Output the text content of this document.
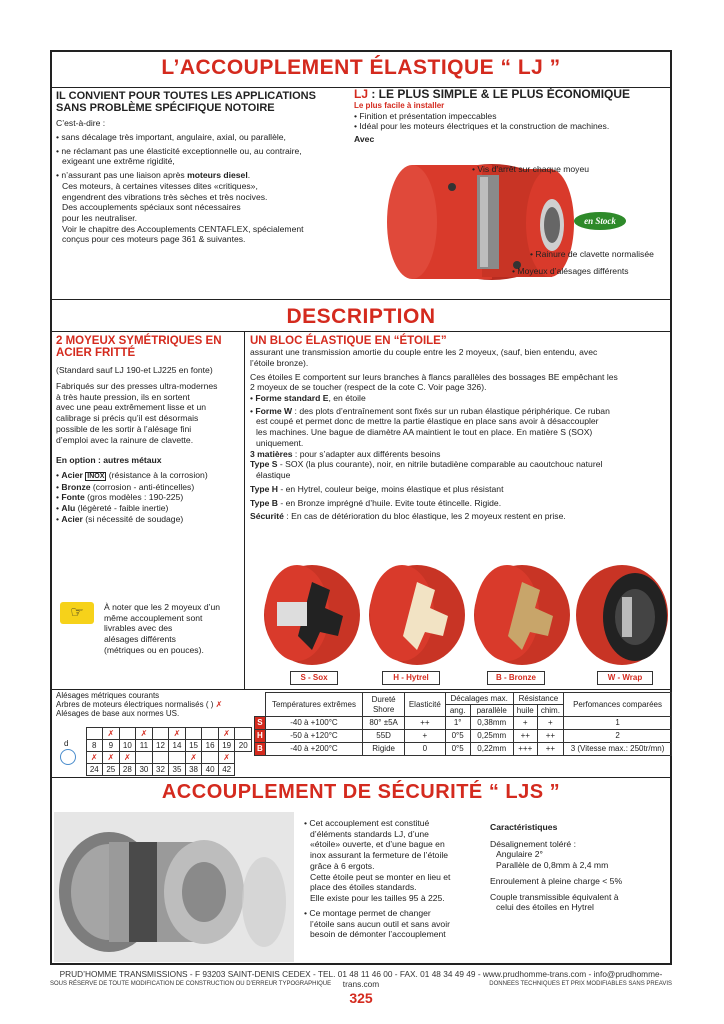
L’ACCOUPLEMENT ÉLASTIQUE “ LJ ”
IL CONVIENT POUR TOUTES LES APPLICATIONS SANS PROBLÈME SPÉCIFIQUE NOTOIRE
C’est-à-dire :
• sans décalage très important, angulaire, axial, ou parallèle,
• ne réclamant pas une élasticité exceptionnelle ou, au contraire,
exigeant une extrême rigidité,
• n’assurant pas une liaison après moteurs diesel.
Ces moteurs, à certaines vitesses dites «critiques»,
engendrent des vibrations très sèches et très nocives.
Des accouplements spéciaux sont nécessaires
pour les neutraliser.
Voir le chapitre des Accouplements CENTAFLEX, spécialement
conçus pour ces moteurs page 361 & suivantes.
LJ : LE PLUS SIMPLE & LE PLUS ÉCONOMIQUE
Le plus facile à installer
• Finition et présentation impeccables
• Idéal pour les moteurs électriques et la construction de machines.
Avec
• Vis d’arrêt sur chaque moyeu
• Rainure de clavette normalisée
• Moyeux d’alésages différents
en Stock
DESCRIPTION
2 MOYEUX SYMÉTRIQUES EN ACIER FRITTÉ
(Standard sauf LJ 190-et LJ225 en fonte)
Fabriqués sur des presses ultra-modernes
à très haute pression, ils en sortent
avec une peau extrêmement lisse et un
calibrage si précis qu’il est désormais
possible de les sortir à l’alésage fini
d’emploi avec la rainure de clavette.
En option : autres métaux
• Acier INOX (résistance à la corrosion)
• Bronze (corrosion - anti-étincelles)
• Fonte (gros modèles : 190-225)
• Alu (légèreté - faible inertie)
• Acier (si nécessité de soudage)
☞	À noter que les 2 moyeux d’un
même accouplement sont
livrables avec des
alésages différents
(métriques ou en pouces).
UN BLOC ÉLASTIQUE EN “ÉTOILE”
assurant une transmission amortie du couple entre les 2 moyeux, (sauf, bien entendu, avec
l’étoile bronze).
Ces étoiles E comportent sur leurs branches à flancs parallèles des bossages BE empêchant les
2 moyeux de se toucher (respect de la cote C. Voir page 326).
• Forme standard E, en étoile
• Forme W : des plots d’entraînement sont fixés sur un ruban élastique périphérique. Ce ruban
est coupé et permet donc de mettre la partie élastique en place sans avoir à désaccoupler
les machines. Une bague de diamètre AA maintient le tout en place. En matière S (SOX)
uniquement.
3 matières : pour s’adapter aux différents besoins
Type S - SOX (la plus courante), noir, en nitrile butadiène comparable au caoutchouc naturel
élastique
Type H - en Hytrel, couleur beige, moins élastique et plus résistant
Type B - en Bronze imprégné d’huile. Evite toute étincelle. Rigide.
Sécurité : En cas de détérioration du bloc élastique, les 2 moyeux restent en prise.
S - Sox	H - Hytrel	B - Bronze	W - Wrap
Alésages métriques courants
Arbres de moteurs électriques normalisés ( ) ✗
Alésages de base aux normes US.
d		✗		✗		✗			✗	
	8	9	10	11	12	14	15	16	19	20
	✗	✗	✗				✗		✗	
	24	25	28	30	32	35	38	40	42	
	Températures extrêmes	Dureté Shore	Elasticité	Décalages max.		Résistance		Perfomances comparées
				ang.	parallèle	huile	chim.	
S	-40 à +100°C	80° ±5A	++	1°	0,38mm	+	+	1
H	-50 à +120°C	55D	+	0°5	0,25mm	++	++	2
B	-40 à +200°C	Rigide	0	0°5	0,22mm	+++	++	3 (Vitesse max.: 250tr/mn)
ACCOUPLEMENT DE SÉCURITÉ “ LJS ”
• Cet accouplement est constitué
d’éléments standards LJ, d’une
«étoile» ouverte, et d’une bague en
inox assurant la fermeture de l’étoile
grâce à 6 ergots.
Cette étoile peut se monter en lieu et
place des étoiles standards.
Elle existe pour les tailles 95 à 225.
• Ce montage permet de changer
l’étoile sans aucun outil et sans avoir
besoin de démonter l’accouplement
Caractéristiques
Désalignement toléré :
Angulaire 2°
Parallèle de 0,8mm à 2,4 mm
Enroulement à pleine charge < 5%
Couple transmissible équivalent à
celui des étoiles en Hytrel
PRUD’HOMME TRANSMISSIONS - F 93203 SAINT-DENIS CEDEX - TEL. 01 48 11 46 00 - FAX. 01 48 34 49 49 - www.prudhomme-trans.com - info@prudhomme-trans.com
SOUS RÉSERVE DE TOUTE MODIFICATION DE CONSTRUCTION OU D’ERREUR TYPOGRAPHIQUE	DONNEES TECHNIQUES ET PRIX MODIFIABLES SANS PREAVIS
325
